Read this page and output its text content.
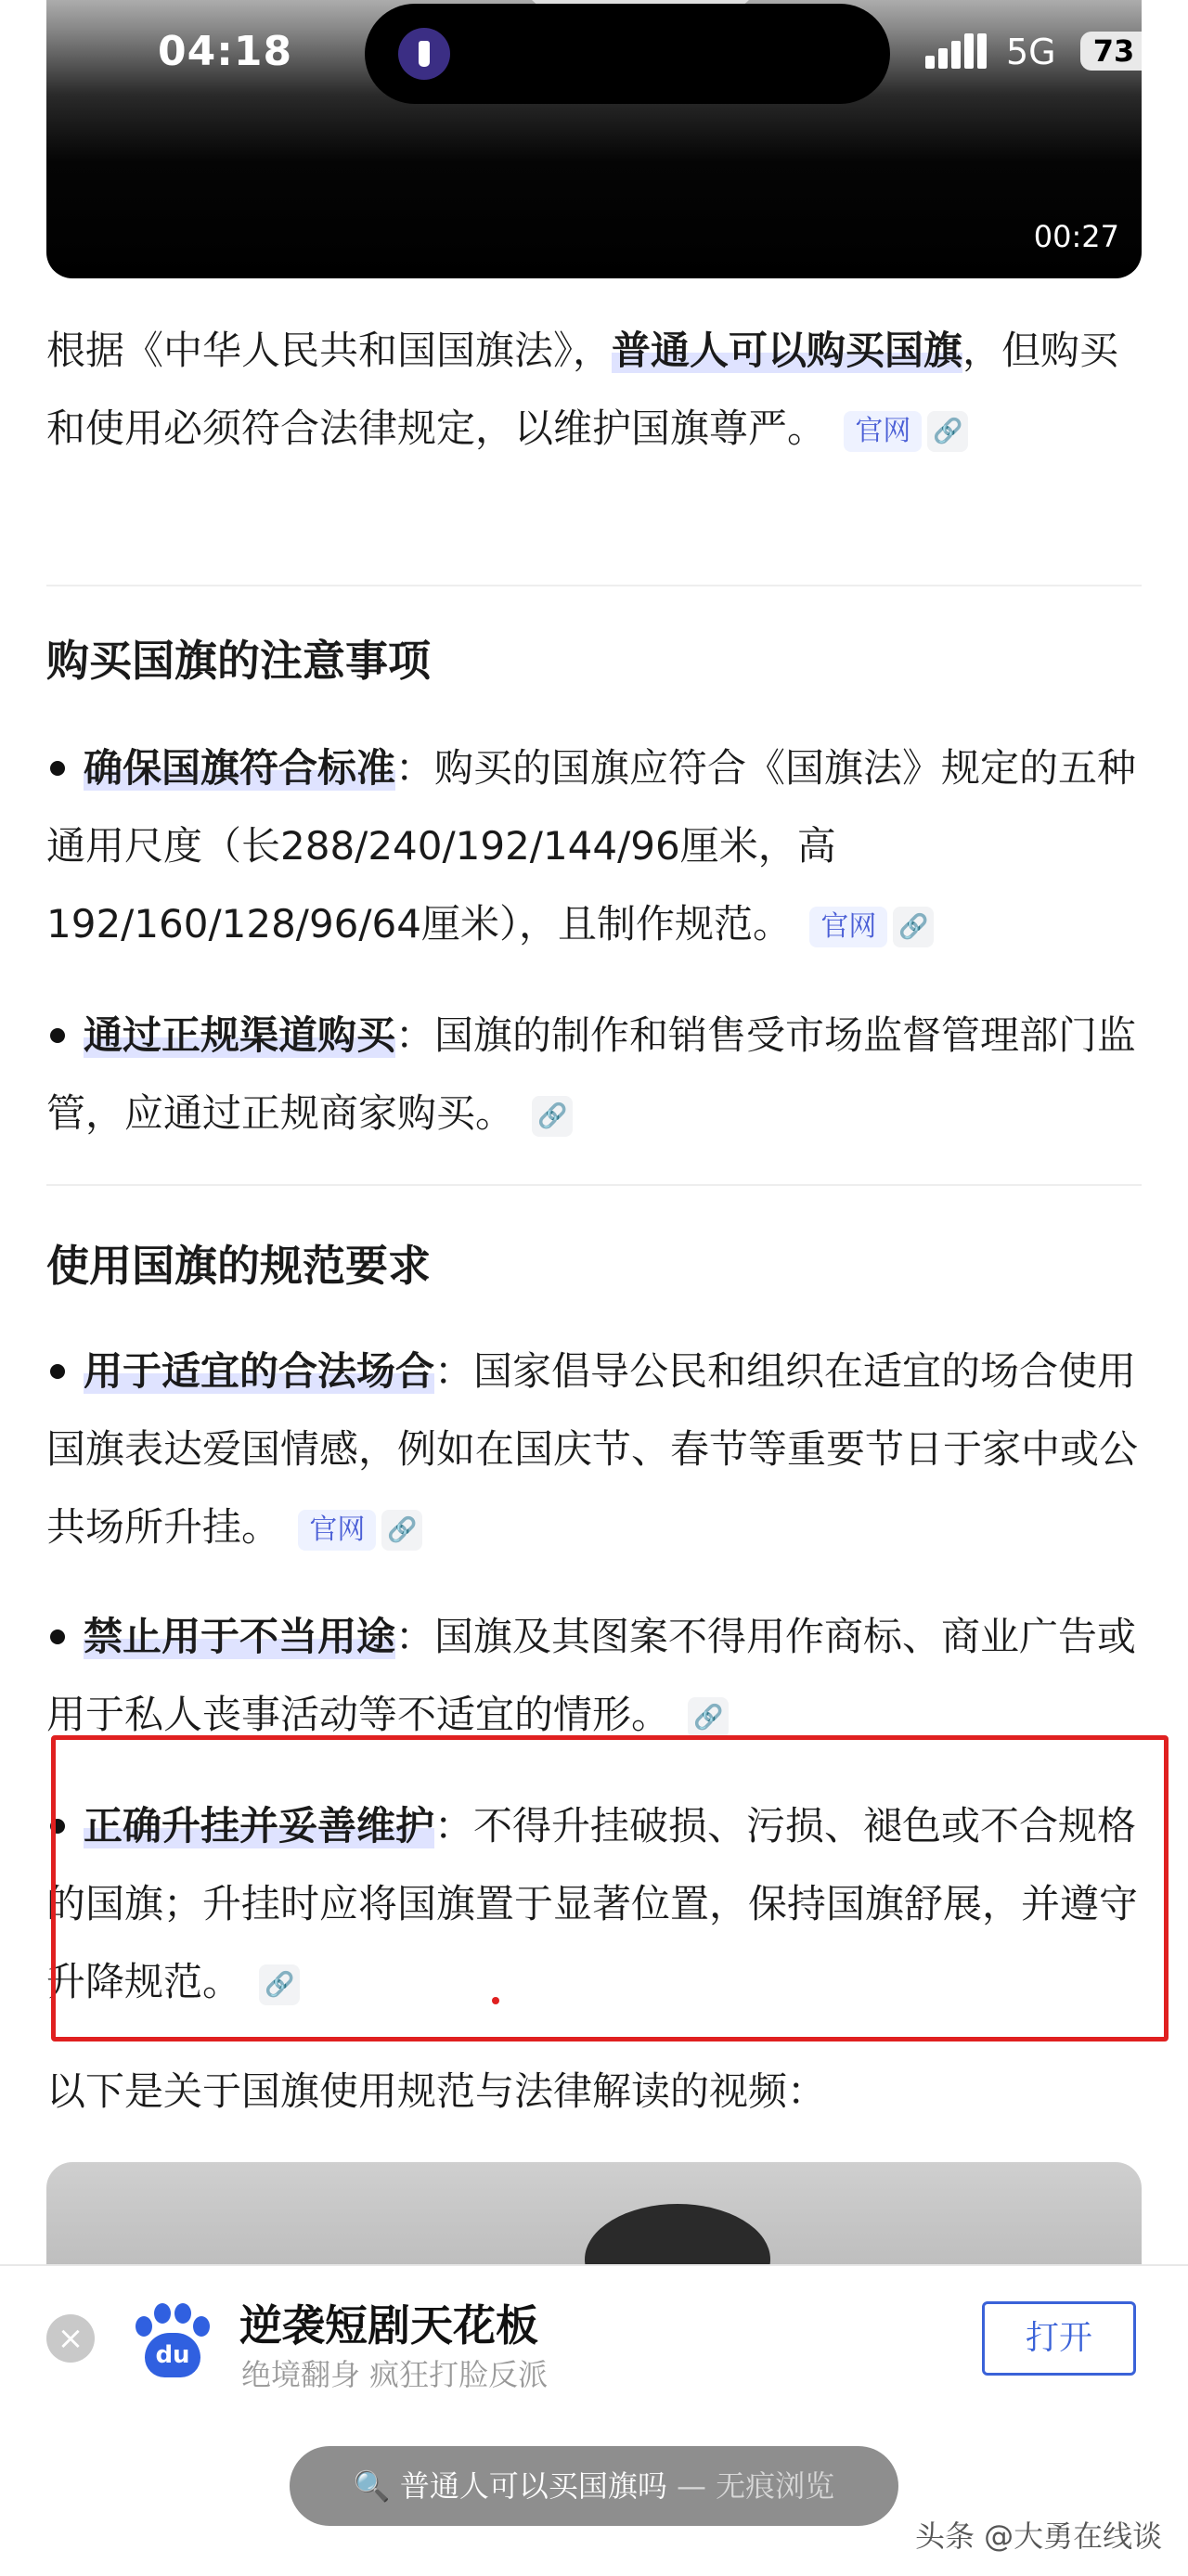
04:18	5G	73
00:27
根据《中华人民共和国国旗法》，普通人可以购买国旗，但购买和使用必须符合法律规定，以维护国旗尊严。 官网 🔗
购买国旗的注意事项
确保国旗符合标准：购买的国旗应符合《国旗法》规定的五种通用尺度（长288/240/192/144/96厘米，高192/160/128/96/64厘米），且制作规范。 官网 🔗
通过正规渠道购买：国旗的制作和销售受市场监督管理部门监管，应通过正规商家购买。 🔗
使用国旗的规范要求
用于适宜的合法场合：国家倡导公民和组织在适宜的场合使用国旗表达爱国情感，例如在国庆节、春节等重要节日于家中或公共场所升挂。 官网 🔗
禁止用于不当用途：国旗及其图案不得用作商标、商业广告或用于私人丧事活动等不适宜的情形。 🔗
正确升挂并妥善维护：不得升挂破损、污损、褪色或不合规格的国旗；升挂时应将国旗置于显著位置，保持国旗舒展，并遵守升降规范。 🔗
以下是关于国旗使用规范与法律解读的视频：
×	du
逆袭短剧天花板
绝境翻身 疯狂打脸反派
打开
🔍 普通人可以买国旗吗 — 无痕浏览
头条 @大勇在线谈
